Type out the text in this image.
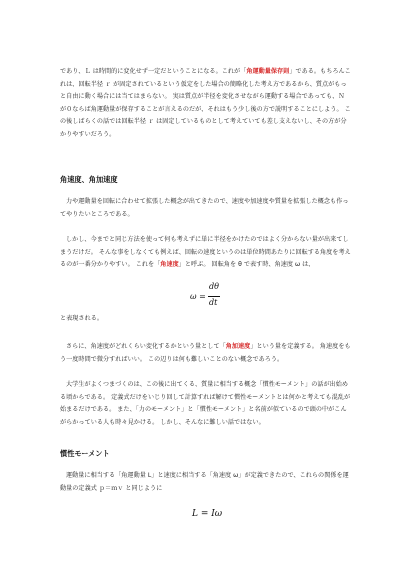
であり、Ｌ は時間的に変化せず一定だということになる。これが「角運動量保存則」である。もちろんこれは、回転半径 ｒ が固定されているという仮定をした場合の簡略化した考え方であるから、質点がもっと自由に動く場合には当てはまらない。 実は質点が半径を変化させながら運動する場合であっても、Ｎ が０ならば角運動量が保存することが言えるのだが、それはもう少し後の方で説明することにしよう。 この後しばらくの話では回転半径 ｒ は固定しているものとして考えていても差し支えないし、その方が分かりやすいだろう。

角速度、角加速度

力や運動量を回転に合わせて拡張した概念が出てきたので、速度や加速度や質量を拡張した概念も作ってやりたいところである。

しかし、今までと同じ方法を使って何も考えずに単に半径をかけたのではよく分からない量が出来てしまうだけだ。 そんな事をしなくても例えば、回転の速度というのは単位時間あたりに回転する角度を考えるのが一番分かりやすい。 これを「角速度」と呼ぶ。 回転角を θ で表す時、角速度 ω は、

ω =
dθ
dt

と表現される。

さらに、角速度がどれくらい変化するかという量として「角加速度」という量を定義する。 角速度をもう一度時間で微分すればいい。 この辺りは何も難しいことのない概念であろう。

大学生がよくつまづくのは、この後に出てくる、質量に相当する概念「慣性モーメント」の話が出始める頃からである。 定義式だけをいじり回して計算すれば解けて慣性モーメントとは何かと考えても混乱が始まるだけである。 また、「力のモーメント」と「慣性モーメント」と名前が似ているので頭の中がこんがらかっている人も時々見かける。 しかし、そんなに難しい話ではない。

慣性モーメント

運動量に相当する「角運動量 L」と速度に相当する「角速度 ω」が定義できたので、これらの関係を運動量の定義式 ｐ＝ｍｖ と同じように

L = Iω
